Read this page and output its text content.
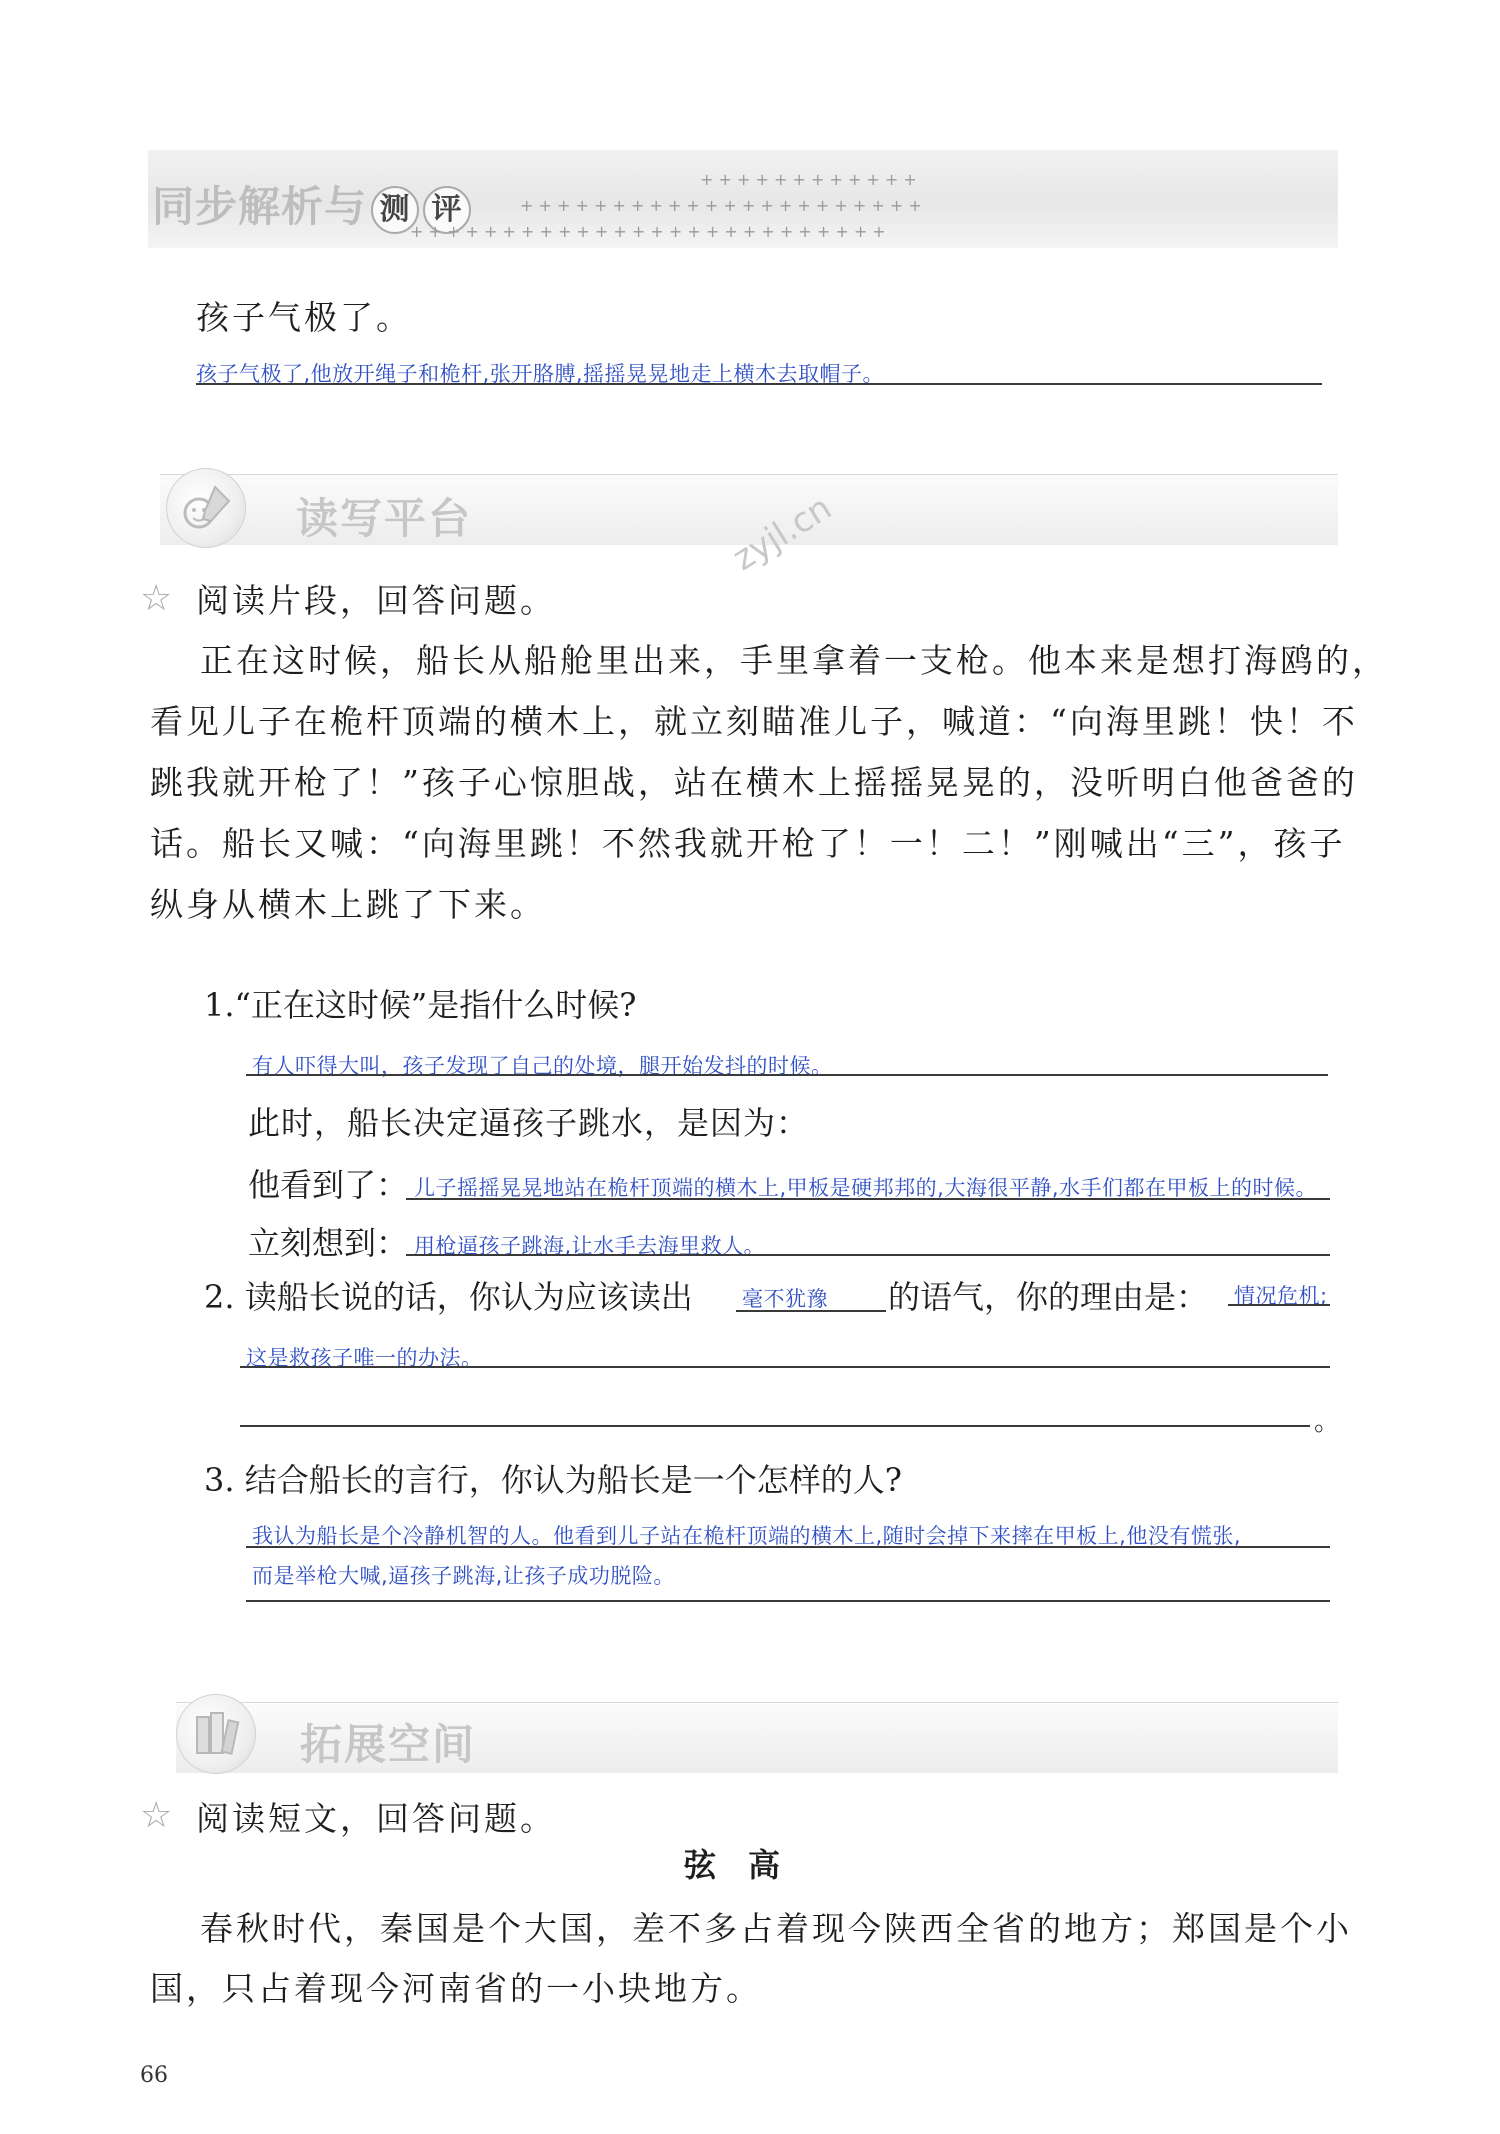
同步解析与 测 评
+ + + + + + + + + + + +
+ + + + + + + + + + + + + + + + + + + + + +
+ + + + + + + + + + + + + + + + + + + + + + + + + +
孩子气极了。
孩子气极了,他放开绳子和桅杆,张开胳膊,摇摇晃晃地走上横木去取帽子。
读写平台	zyjl.cn
☆ 阅读片段，回答问题。
正在这时候，船长从船舱里出来，手里拿着一支枪。他本来是想打海鸥的，
看见儿子在桅杆顶端的横木上，就立刻瞄准儿子，喊道：“向海里跳！快！不
跳我就开枪了！”孩子心惊胆战，站在横木上摇摇晃晃的，没听明白他爸爸的
话。船长又喊：“向海里跳！不然我就开枪了！一！二！”刚喊出“三”，孩子
纵身从横木上跳了下来。
1.“正在这时候”是指什么时候?
有人吓得大叫，孩子发现了自己的处境，腿开始发抖的时候。
此时，船长决定逼孩子跳水，是因为：
他看到了： 儿子摇摇晃晃地站在桅杆顶端的横木上,甲板是硬邦邦的,大海很平静,水手们都在甲板上的时候。
立刻想到： 用枪逼孩子跳海,让水手去海里救人。
2. 读船长说的话，你认为应该读出 毫不犹豫 的语气，你的理由是： 情况危机;
这是救孩子唯一的办法。
。
3. 结合船长的言行，你认为船长是一个怎样的人?
我认为船长是个冷静机智的人。他看到儿子站在桅杆顶端的横木上,随时会掉下来摔在甲板上,他没有慌张,
而是举枪大喊,逼孩子跳海,让孩子成功脱险。
拓展空间
☆ 阅读短文，回答问题。
弦　高
春秋时代，秦国是个大国，差不多占着现今陕西全省的地方；郑国是个小
国，只占着现今河南省的一小块地方。
66
